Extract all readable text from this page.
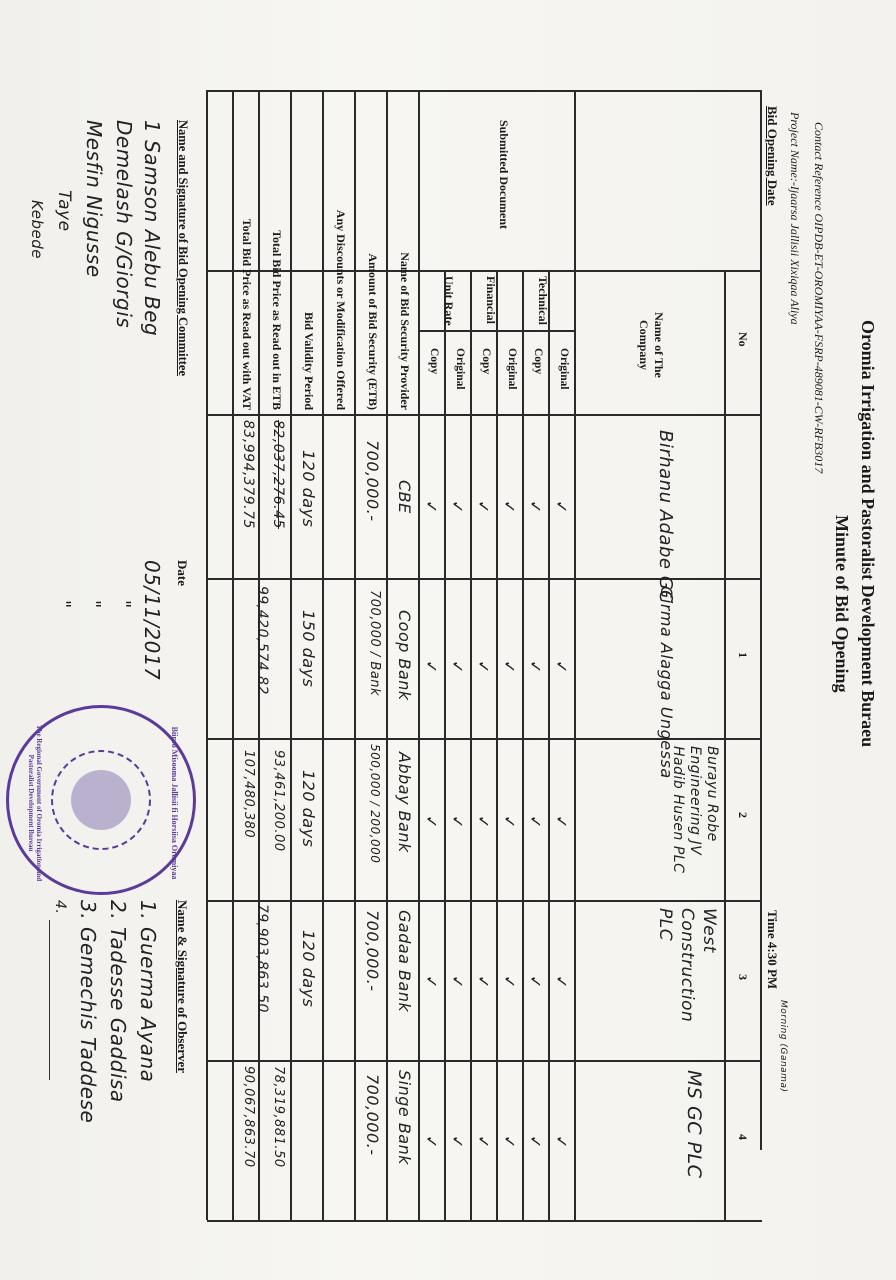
Oromia Irrigation and Pastoralist Development Buraeu
Minute of Bid Opening
Contact Reference OIPDB-ET-OROMIYAA-FSRP-489081-CW-RFB3017
Project Name:-Ijaarsa Jallisii Xixiqaa Aliya
Bid Opening Date
Time 4:30 PM
Morning (Ganama)
No
Name of The Company
Submitted Document
Technical
Financial
Unit Rate
Original
Copy
Original
Copy
Original
Copy
Name of Bid Security Provider
Amount of Bid Security (ETB)
Any Discounts or Modification Offered
Bid Validity Period
Total Bid Price as Read out in ETB
Total Bid Price as Read out with VAT
1
Birhanu Adabe GC
CBE
700,000.-
120 days
82,037,276.45
83,994,379.75
2
Girma Alagga Ungessa
Coop Bank
700,000 / Bank
150 days
99,420,574.82
3
Burayu Robe Engineering JV Hadib Husen PLC
Abbay Bank
500,000 / 200,000
120 days
93,461,200.00
107,480,380
4
West Construction PLC
Gadaa Bank
700,000.-
120 days
79,903,863.50
MS GC PLC
Singe Bank
700,000.-
78,319,881.50
90,067,863.70
✓
✓
✓
✓
✓
✓
✓
✓
✓
✓
✓
✓
✓
✓
✓
✓
✓
✓
✓
✓
✓
✓
✓
✓
✓
✓
✓
✓
✓
✓
Name and Signature of Bid Opening Committee
Date
Name & Signature of Observer
1 Samson Alebu Beg
Demelash G/Giorgis
Mesfin Nigusse
Taye
Kebede
05/11/2017
"
"
"
1. Guerma Ayana
2. Tadesse Gaddisa
3. Gemechis Taddese
4.
Biiroo Misooma Jallisii fi Horsiisa Oromiyaa
The Regional Government of Oromia Irrigation and Pastoralist Development Bureau
